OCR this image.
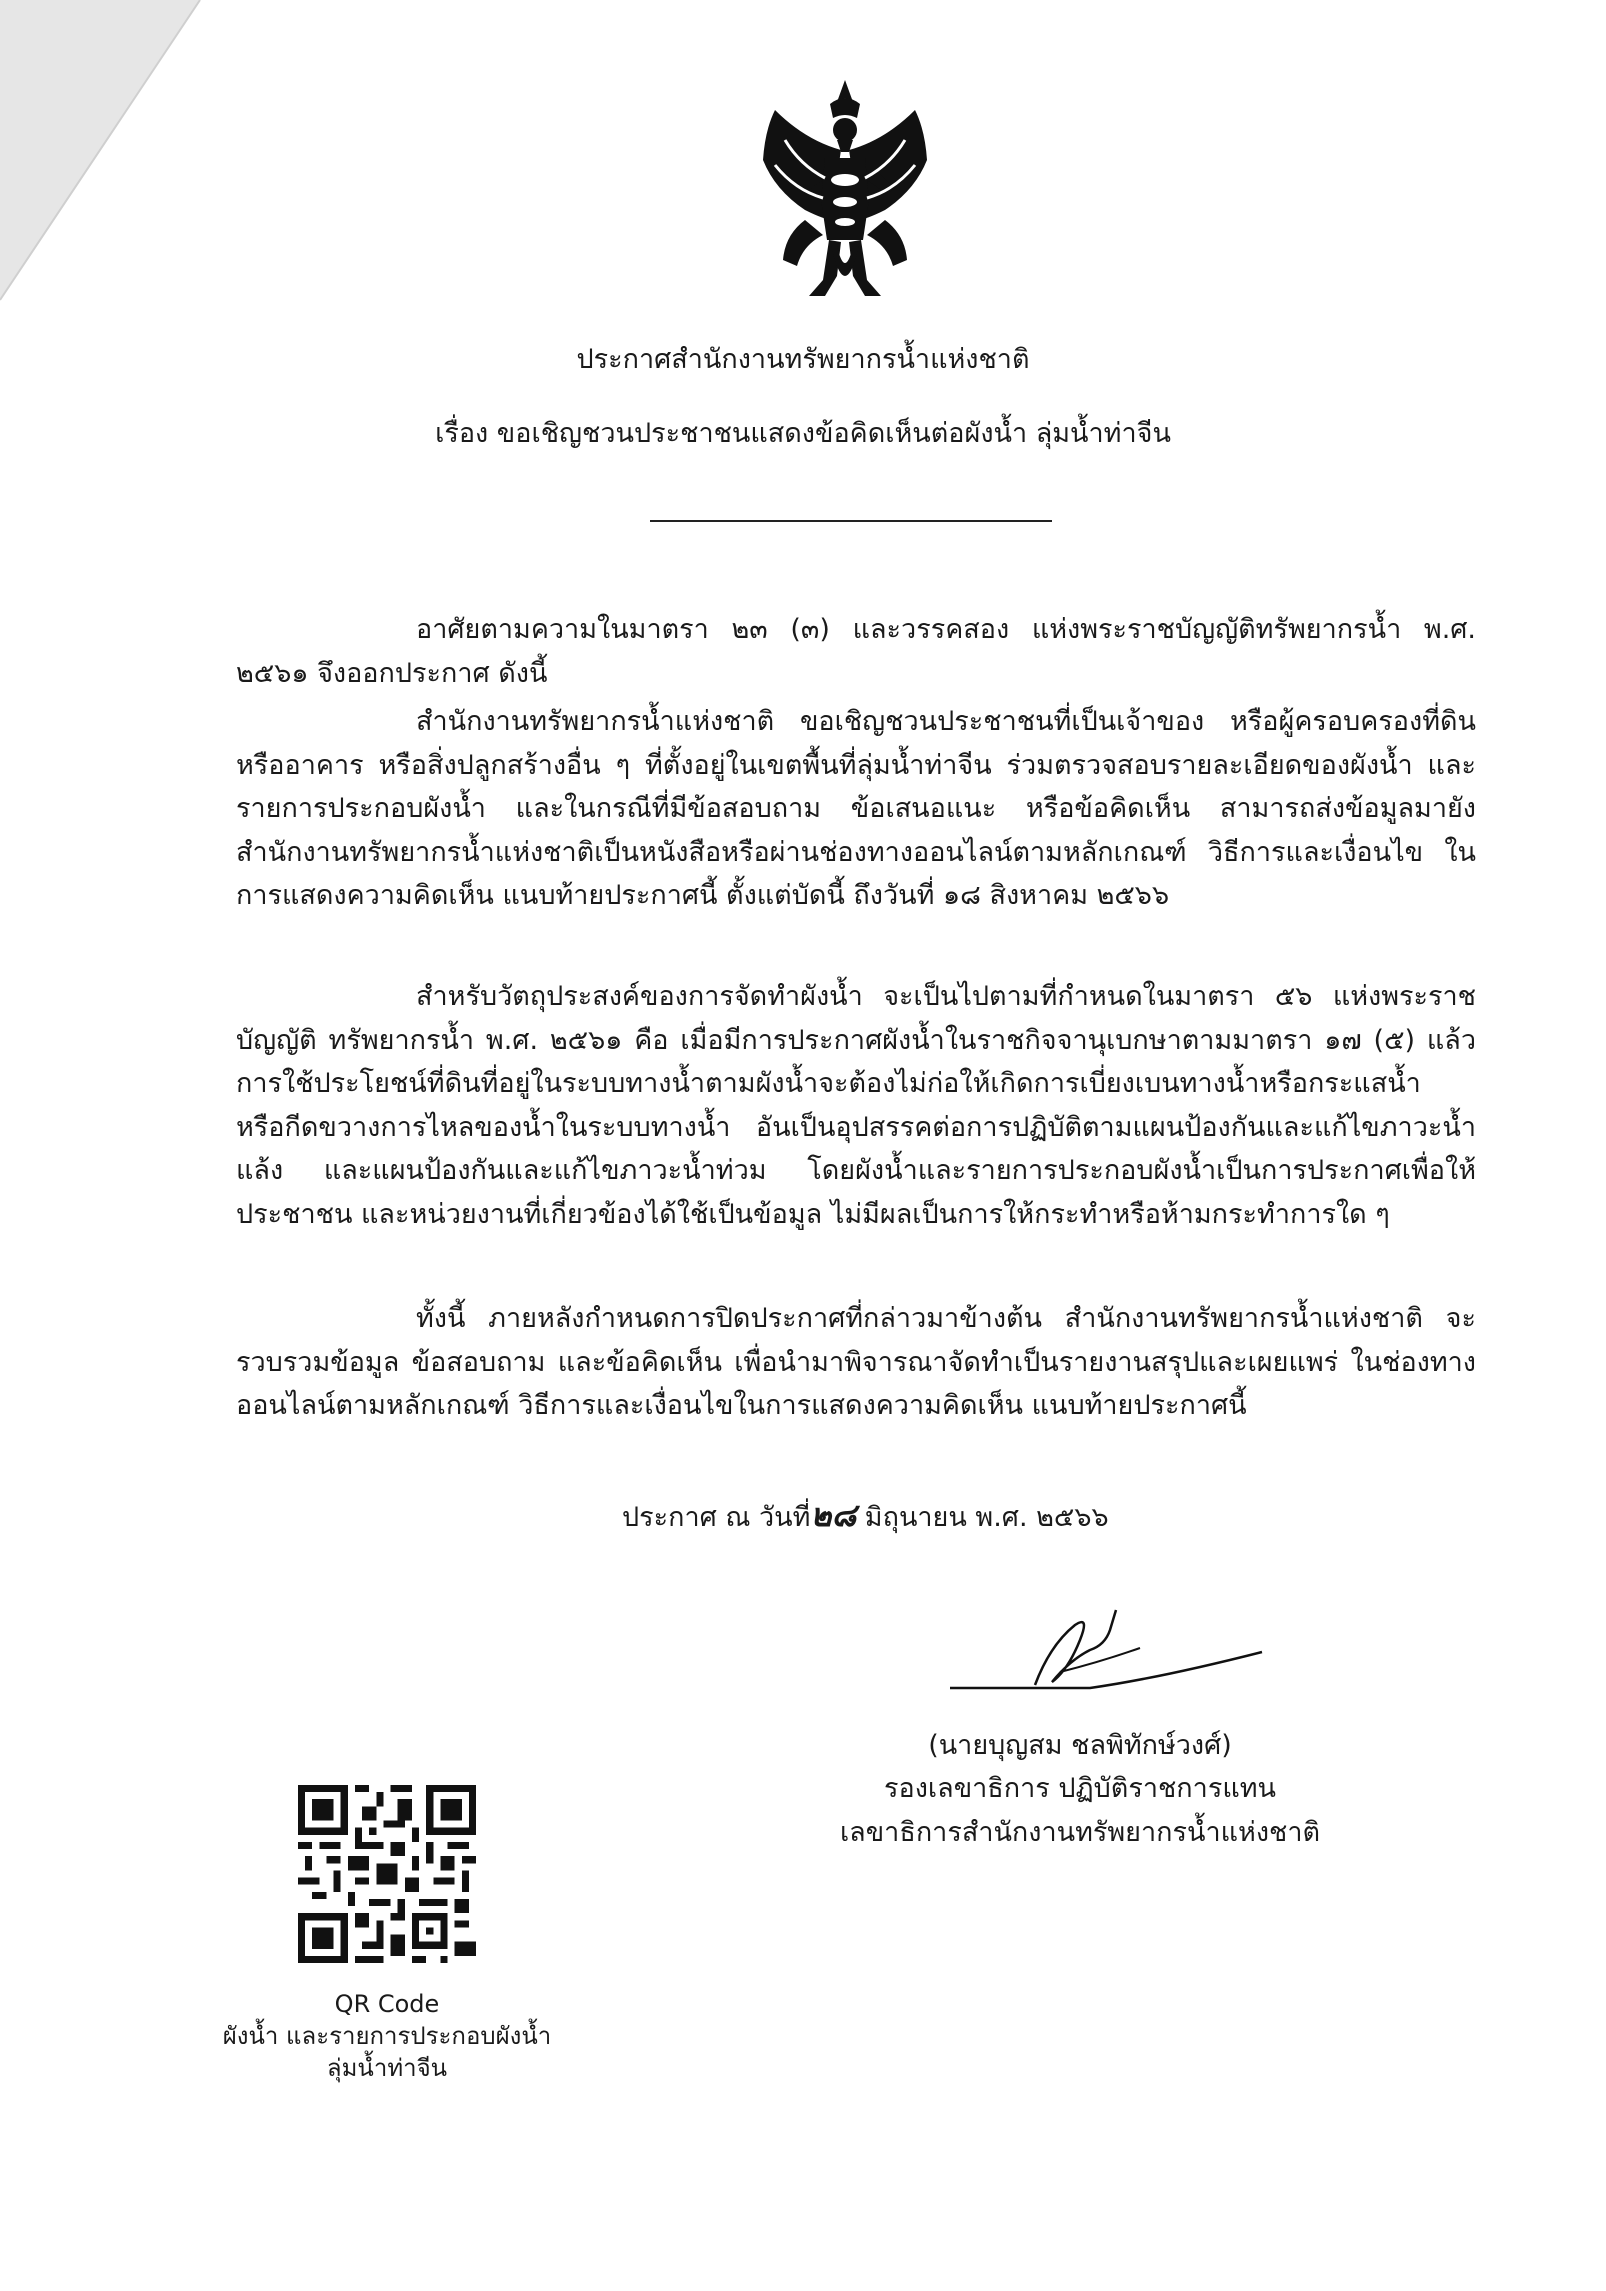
ประกาศสำนักงานทรัพยากรน้ำแห่งชาติ
เรื่อง ขอเชิญชวนประชาชนแสดงข้อคิดเห็นต่อผังน้ำ ลุ่มน้ำท่าจีน
อาศัยตามความในมาตรา ๒๓ (๓) และวรรคสอง แห่งพระราชบัญญัติทรัพยากรน้ำ พ.ศ. ๒๕๖๑ จึงออกประกาศ ดังนี้
สำนักงานทรัพยากรน้ำแห่งชาติ ขอเชิญชวนประชาชนที่เป็นเจ้าของ หรือผู้ครอบครองที่ดิน หรืออาคาร หรือสิ่งปลูกสร้างอื่น ๆ ที่ตั้งอยู่ในเขตพื้นที่ลุ่มน้ำท่าจีน ร่วมตรวจสอบรายละเอียดของผังน้ำ และรายการประกอบผังน้ำ และในกรณีที่มีข้อสอบถาม ข้อเสนอแนะ หรือข้อคิดเห็น สามารถส่งข้อมูลมายัง สำนักงานทรัพยากรน้ำแห่งชาติเป็นหนังสือหรือผ่านช่องทางออนไลน์ตามหลักเกณฑ์ วิธีการและเงื่อนไข ในการแสดงความคิดเห็น แนบท้ายประกาศนี้ ตั้งแต่บัดนี้ ถึงวันที่ ๑๘ สิงหาคม ๒๕๖๖
สำหรับวัตถุประสงค์ของการจัดทำผังน้ำ จะเป็นไปตามที่กำหนดในมาตรา ๕๖ แห่งพระราชบัญญัติ ทรัพยากรน้ำ พ.ศ. ๒๕๖๑ คือ เมื่อมีการประกาศผังน้ำในราชกิจจานุเบกษาตามมาตรา ๑๗ (๕) แล้ว การใช้ประโยชน์ที่ดินที่อยู่ในระบบทางน้ำตามผังน้ำจะต้องไม่ก่อให้เกิดการเบี่ยงเบนทางน้ำหรือกระแสน้ำ หรือกีดขวางการไหลของน้ำในระบบทางน้ำ อันเป็นอุปสรรคต่อการปฏิบัติตามแผนป้องกันและแก้ไขภาวะน้ำแล้ง และแผนป้องกันและแก้ไขภาวะน้ำท่วม โดยผังน้ำและรายการประกอบผังน้ำเป็นการประกาศเพื่อให้ประชาชน และหน่วยงานที่เกี่ยวข้องได้ใช้เป็นข้อมูล ไม่มีผลเป็นการให้กระทำหรือห้ามกระทำการใด ๆ
ทั้งนี้ ภายหลังกำหนดการปิดประกาศที่กล่าวมาข้างต้น สำนักงานทรัพยากรน้ำแห่งชาติ จะรวบรวมข้อมูล ข้อสอบถาม และข้อคิดเห็น เพื่อนำมาพิจารณาจัดทำเป็นรายงานสรุปและเผยแพร่ ในช่องทางออนไลน์ตามหลักเกณฑ์ วิธีการและเงื่อนไขในการแสดงความคิดเห็น แนบท้ายประกาศนี้
ประกาศ ณ วันที่๒๘ มิถุนายน พ.ศ. ๒๕๖๖
(นายบุญสม ชลพิทักษ์วงศ์)
รองเลขาธิการ ปฏิบัติราชการแทน
เลขาธิการสำนักงานทรัพยากรน้ำแห่งชาติ
QR Code
ผังน้ำ และรายการประกอบผังน้ำ
ลุ่มน้ำท่าจีน
